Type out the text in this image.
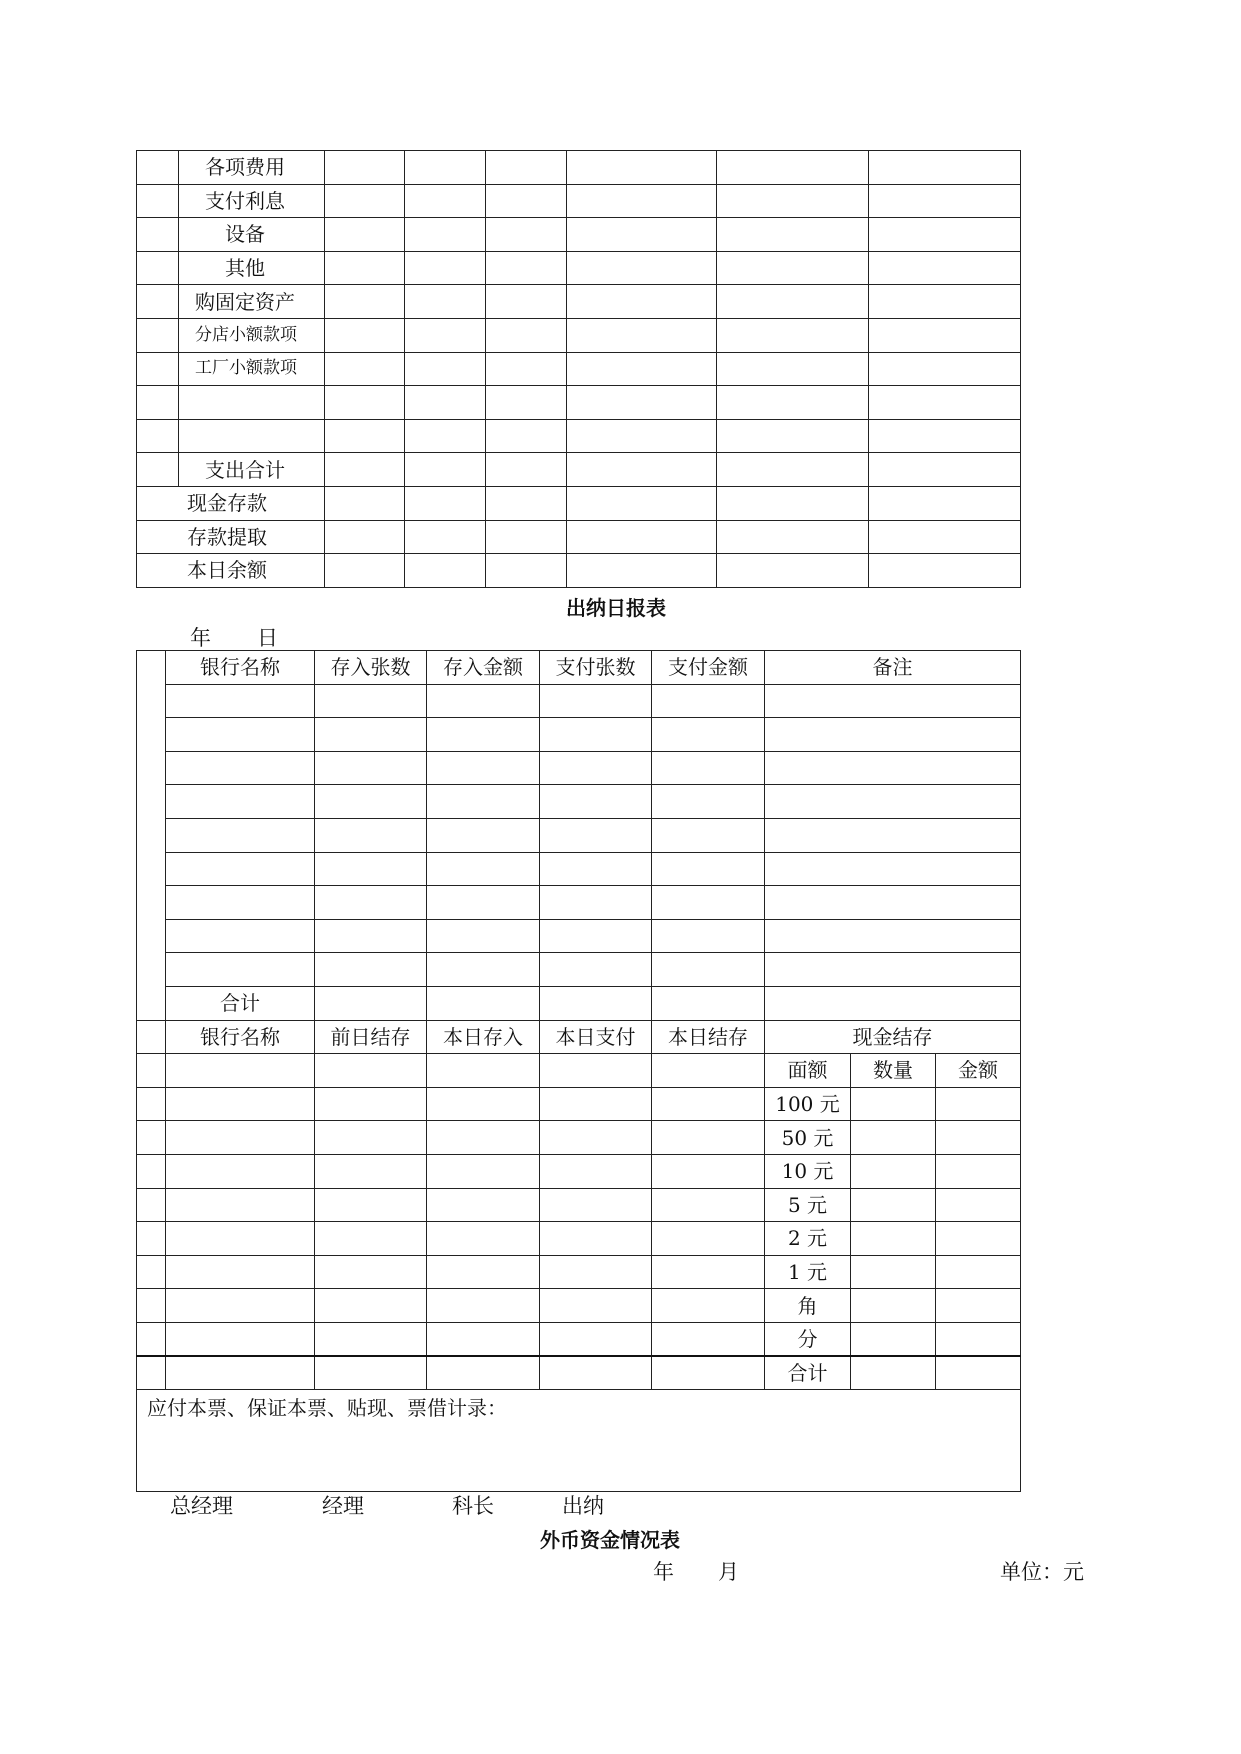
	各项费用						
	支付利息						
	设备						
	其他						
	购固定资产						
	分店小额款项						
	工厂小额款项						

	支出合计						
现金存款							
存款提取							
本日余额							
出纳日报表
年 日
	银行名称	存入张数	存入金额	支付张数	支付金额	备注		

	合计							
	银行名称	前日结存	本日存入	本日支付	本日结存	现金结存		
						面额	数量	金额
						100 元		
						50 元		
						10 元		
						5 元		
						2 元		
						1 元		
						角		
						分		
						合计		
应付本票、保证本票、贴现、票借计录：								
总经理	经理	科长	出纳
外币资金情况表
年 月	单位：元
